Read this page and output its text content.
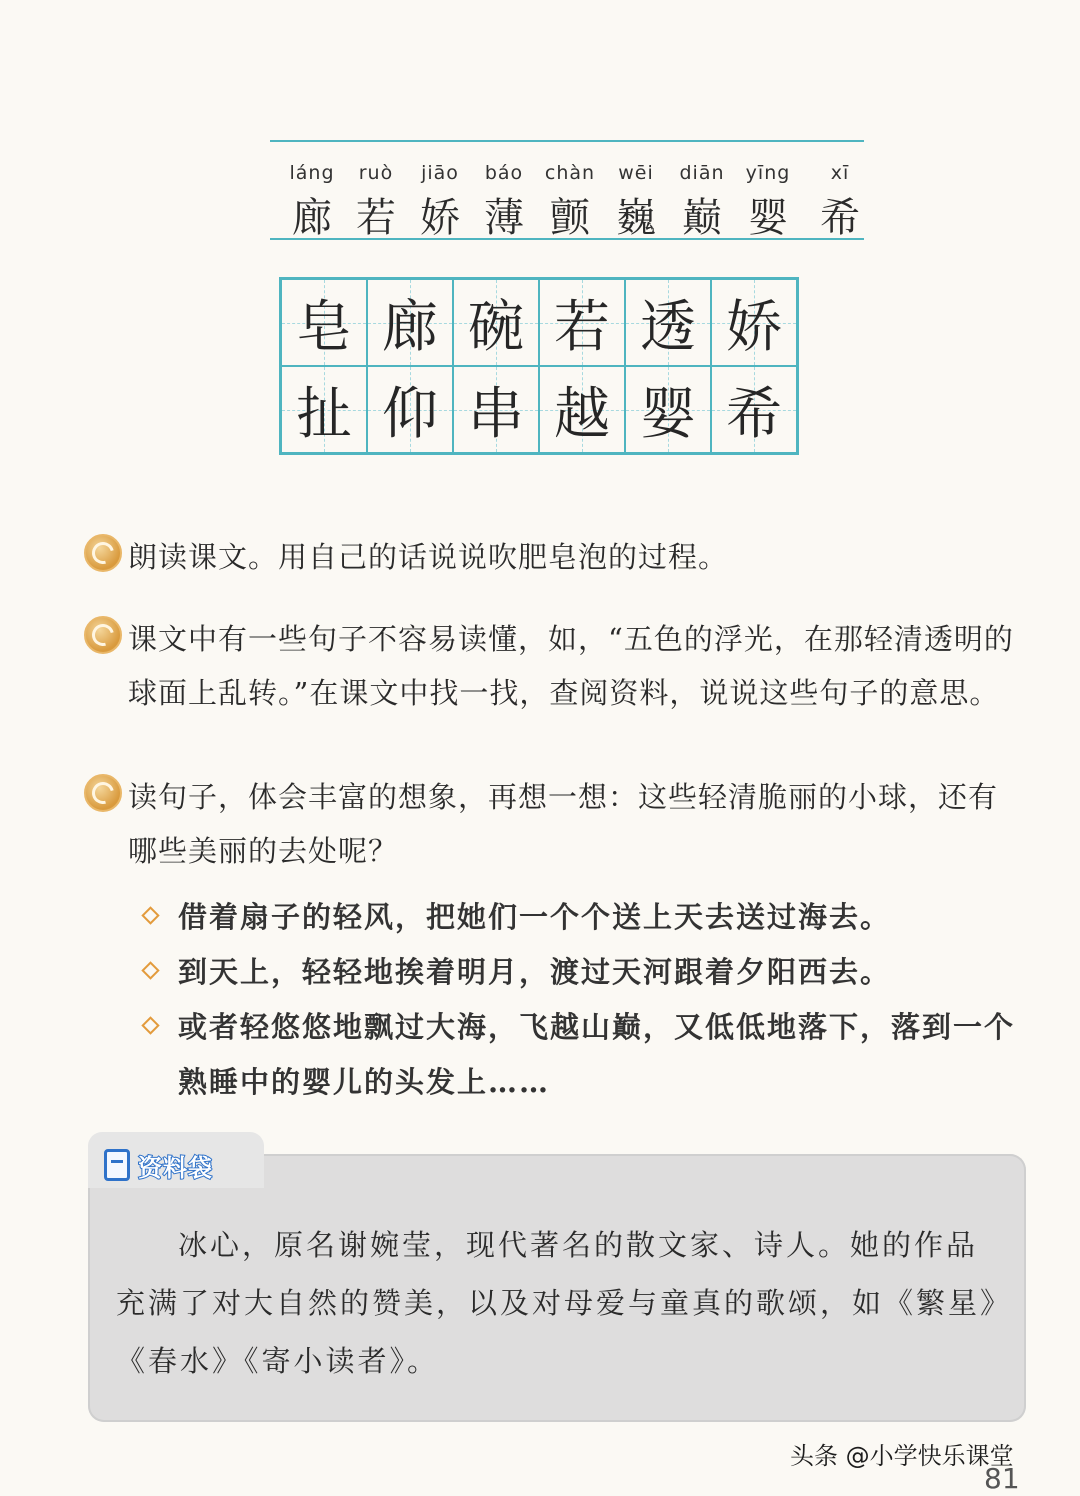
láng
廊
ruò
若
jiāo
娇
báo
薄
chàn
颤
wēi
巍
diān
巅
yīng
婴
xī
希
皂 廊 碗 若 透 娇
扯 仰 串 越 婴 希
朗读课文。用自己的话说说吹肥皂泡的过程。
课文中有一些句子不容易读懂，如，“五色的浮光，在那轻清透明的球面上乱转。”在课文中找一找，查阅资料，说说这些句子的意思。
读句子，体会丰富的想象，再想一想：这些轻清脆丽的小球，还有哪些美丽的去处呢？
借着扇子的轻风，把她们一个个送上天去送过海去。
到天上，轻轻地挨着明月，渡过天河跟着夕阳西去。
或者轻悠悠地飘过大海，飞越山巅，又低低地落下，落到一个熟睡中的婴儿的头发上……
资料袋
冰心，原名谢婉莹，现代著名的散文家、诗人。她的作品充满了对大自然的赞美，以及对母爱与童真的歌颂，如《繁星》《春水》《寄小读者》。
头条 @小学快乐课堂
81
